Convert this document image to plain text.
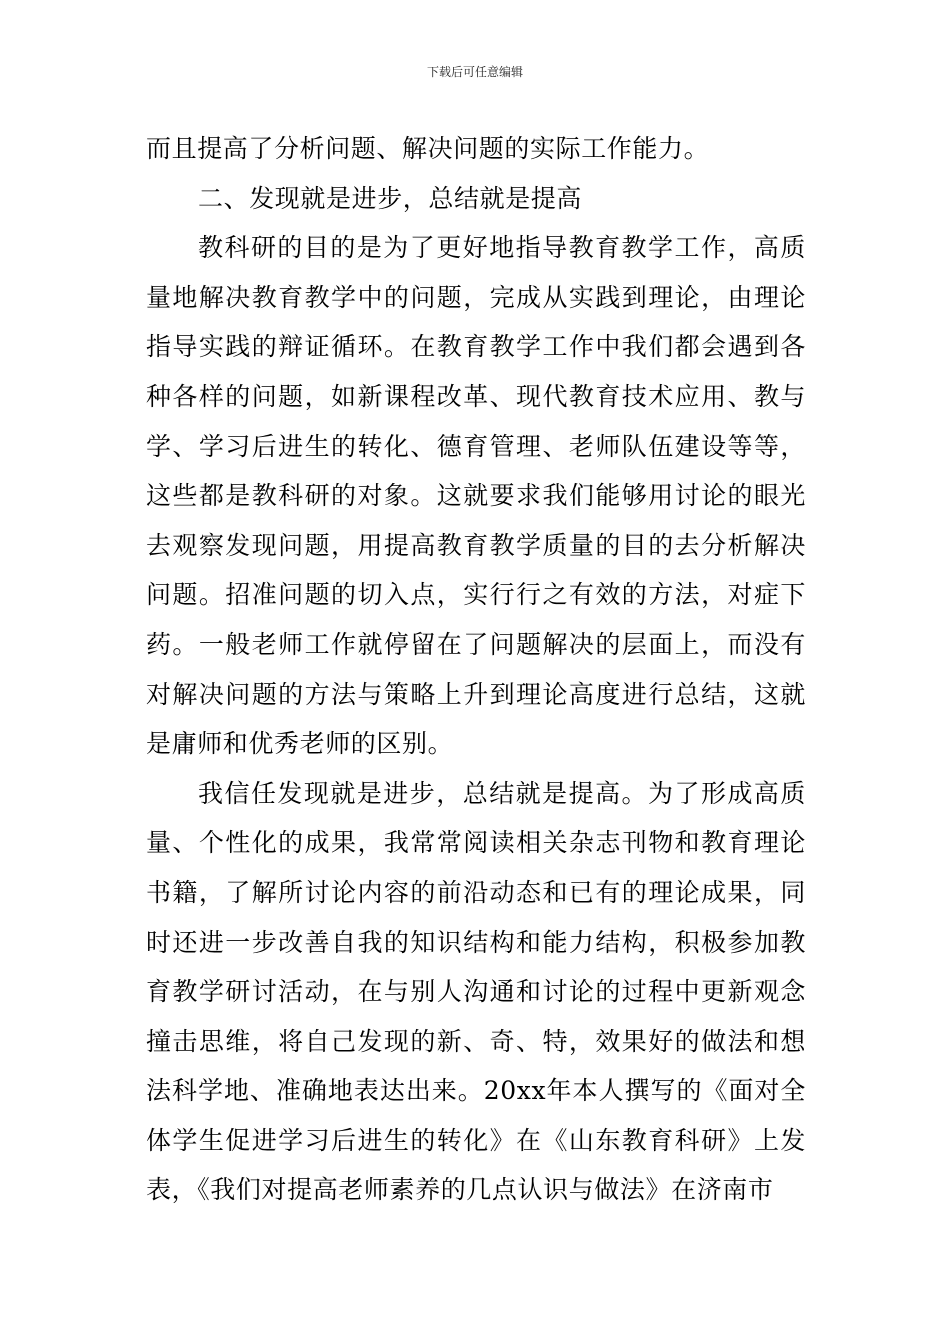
下载后可任意编辑

而且提高了分析问题、解决问题的实际工作能力。

二、发现就是进步，总结就是提高

教科研的目的是为了更好地指导教育教学工作，高质量地解决教育教学中的问题，完成从实践到理论，由理论指导实践的辩证循环。在教育教学工作中我们都会遇到各种各样的问题，如新课程改革、现代教育技术应用、教与学、学习后进生的转化、德育管理、老师队伍建设等等，这些都是教科研的对象。这就要求我们能够用讨论的眼光去观察发现问题，用提高教育教学质量的目的去分析解决问题。招准问题的切入点，实行行之有效的方法，对症下药。一般老师工作就停留在了问题解决的层面上，而没有对解决问题的方法与策略上升到理论高度进行总结，这就是庸师和优秀老师的区别。

我信任发现就是进步，总结就是提高。为了形成高质量、个性化的成果，我常常阅读相关杂志刊物和教育理论书籍，了解所讨论内容的前沿动态和已有的理论成果，同时还进一步改善自我的知识结构和能力结构，积极参加教育教学研讨活动，在与别人沟通和讨论的过程中更新观念撞击思维，将自己发现的新、奇、特，效果好的做法和想法科学地、准确地表达出来。20xx年本人撰写的《面对全体学生促进学习后进生的转化》在《山东教育科研》上发表，《我们对提高老师素养的几点认识与做法》在济南市
